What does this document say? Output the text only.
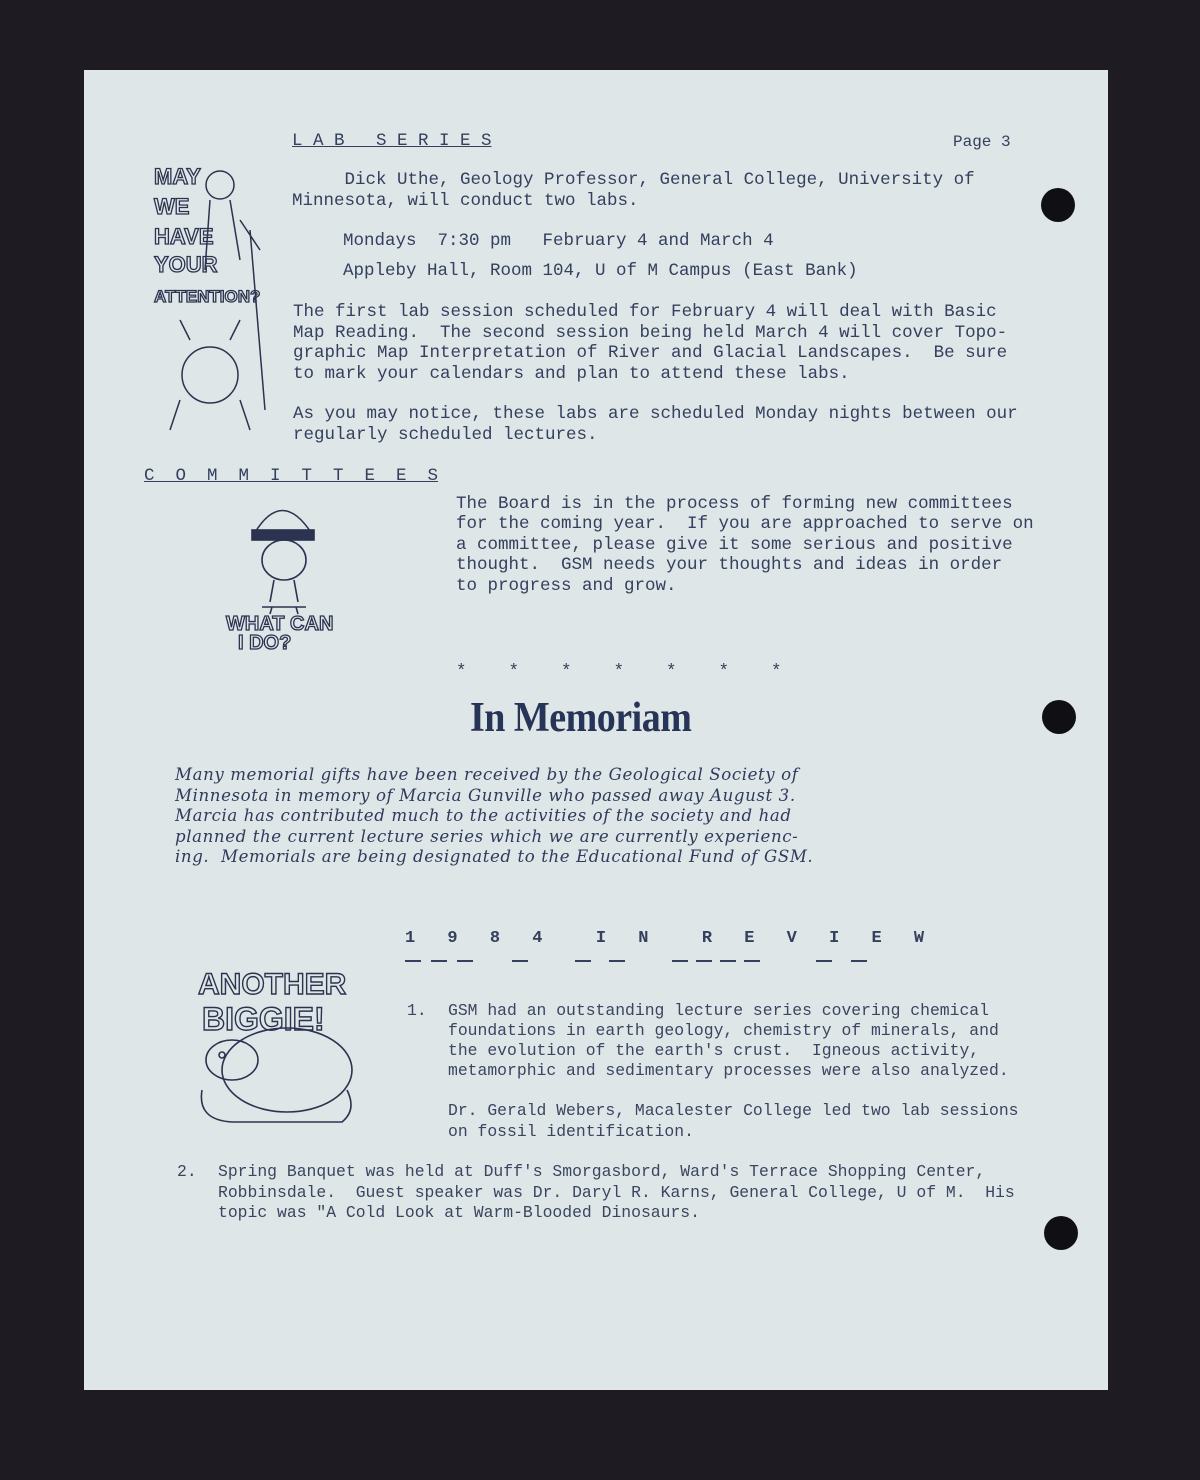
L A B   S E R I E S	Page 3
Dick Uthe, Geology Professor, General College, University of
Minnesota, will conduct two labs.
Mondays  7:30 pm   February 4 and March 4
Appleby Hall, Room 104, U of M Campus (East Bank)
The first lab session scheduled for February 4 will deal with Basic
Map Reading.  The second session being held March 4 will cover Topo-
graphic Map Interpretation of River and Glacial Landscapes.  Be sure
to mark your calendars and plan to attend these labs.
As you may notice, these labs are scheduled Monday nights between our
regularly scheduled lectures.
MAY
WE
HAVE
YOUR
ATTENTION?
C  O  M  M  I  T  T  E  E  S
The Board is in the process of forming new committees
for the coming year.  If you are approached to serve on
a committee, please give it some serious and positive
thought.  GSM needs your thoughts and ideas in order
to progress and grow.
WHAT CAN
I DO?
*    *    *    *    *    *    *
In Memoriam
Many memorial gifts have been received by the Geological Society of
Minnesota in memory of Marcia Gunville who passed away August 3.
Marcia has contributed much to the activities of the society and had
planned the current lecture series which we are currently experienc-
ing.  Memorials are being designated to the Educational Fund of GSM.
1   9   8   4     I   N     R   E   V   I   E   W
ANOTHER
BIGGIE!	1. GSM had an outstanding lecture series covering chemical
foundations in earth geology, chemistry of minerals, and
the evolution of the earth's crust.  Igneous activity,
metamorphic and sedimentary processes were also analyzed.
Dr. Gerald Webers, Macalester College led two lab sessions
on fossil identification.
2. Spring Banquet was held at Duff's Smorgasbord, Ward's Terrace Shopping Center,
Robbinsdale.  Guest speaker was Dr. Daryl R. Karns, General College, U of M.  His
topic was "A Cold Look at Warm-Blooded Dinosaurs.
